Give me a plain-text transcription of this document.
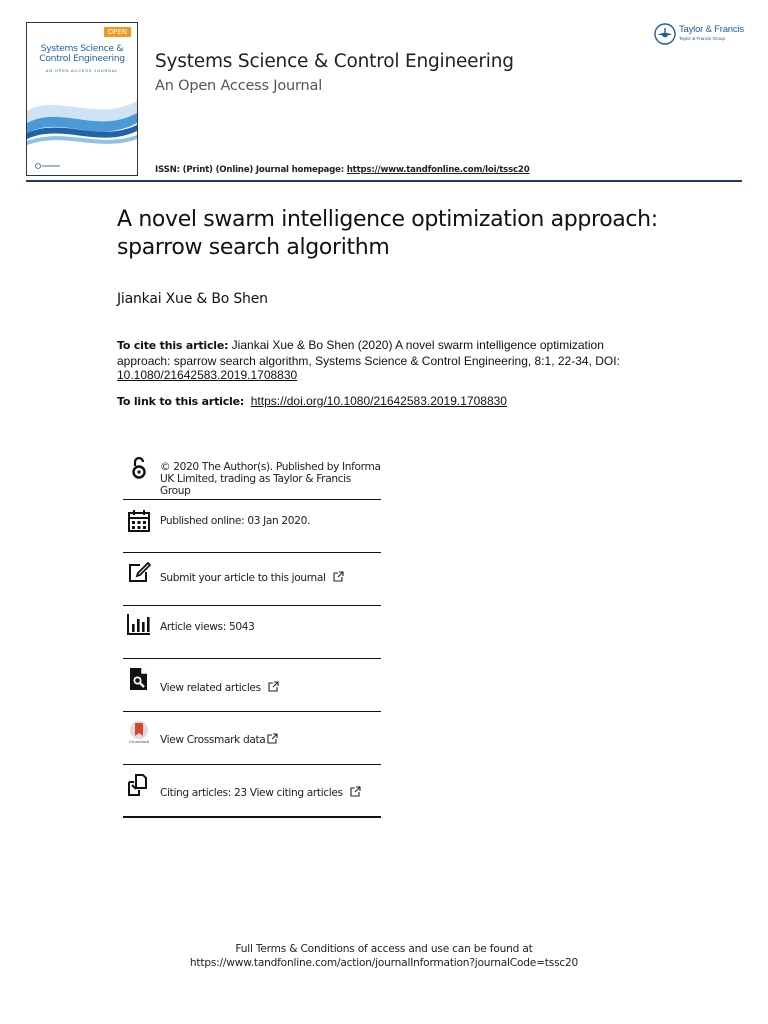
OPEN
Systems Science &
Control Engineering
AN OPEN ACCESS JOURNAL	Systems Science & Control Engineering
An Open Access Journal
Taylor & Francis
Taylor & Francis Group
ISSN: (Print) (Online) Journal homepage: https://www.tandfonline.com/loi/tssc20
A novel swarm intelligence optimization approach:
sparrow search algorithm
Jiankai Xue & Bo Shen
To cite this article: Jiankai Xue & Bo Shen (2020) A novel swarm intelligence optimization
approach: sparrow search algorithm, Systems Science & Control Engineering, 8:1, 22-34, DOI:
10.1080/21642583.2019.1708830
To link to this article: https://doi.org/10.1080/21642583.2019.1708830
© 2020 The Author(s). Published by Informa
UK Limited, trading as Taylor & Francis
Group
Published online: 03 Jan 2020.
Submit your article to this journal
Article views: 5043
View related articles
CrossMark View Crossmark data
Citing articles: 23 View citing articles
Full Terms & Conditions of access and use can be found at
https://www.tandfonline.com/action/journalInformation?journalCode=tssc20
